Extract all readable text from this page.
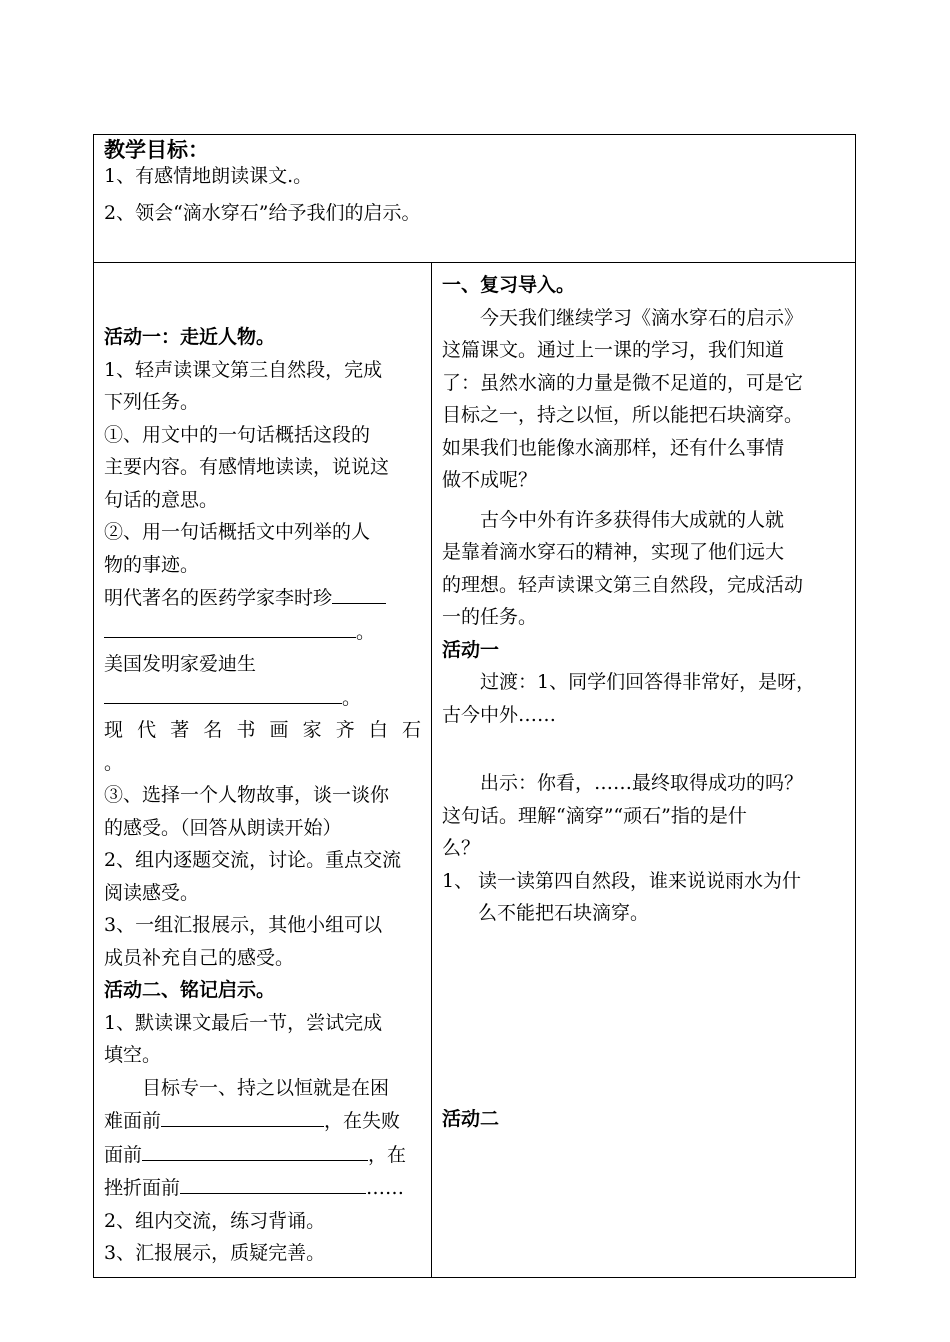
教学目标：
1、有感情地朗读课文.。
2、领会“滴水穿石”给予我们的启示。
活动一：走近人物。
1、轻声读课文第三自然段，完成
下列任务。
①、用文中的一句话概括这段的
主要内容。有感情地读读，说说这
句话的意思。
②、用一句话概括文中列举的人
物的事迹。
明代著名的医药学家李时珍
。
美国发明家爱迪生
。
现 代 著 名 书 画 家 齐 白 石
。
③、选择一个人物故事，谈一谈你
的感受。（回答从朗读开始）
2、组内逐题交流，讨论。重点交流
阅读感受。
3、一组汇报展示，其他小组可以
成员补充自己的感受。
活动二、铭记启示。
1、默读课文最后一节，尝试完成
填空。
目标专一、持之以恒就是在困
难面前	，在失败
面前	，在
挫折面前	……
2、组内交流，练习背诵。
3、汇报展示，质疑完善。
一、复习导入。
今天我们继续学习《滴水穿石的启示》
这篇课文。通过上一课的学习，我们知道
了：虽然水滴的力量是微不足道的，可是它
目标之一，持之以恒，所以能把石块滴穿。
如果我们也能像水滴那样，还有什么事情
做不成呢？
古今中外有许多获得伟大成就的人就
是靠着滴水穿石的精神，实现了他们远大
的理想。轻声读课文第三自然段，完成活动
一的任务。
活动一
过渡：1、同学们回答得非常好，是呀，
古今中外……
出示：你看，……最终取得成功的吗？
这句话。理解“滴穿”“顽石”指的是什
么？
1、 读一读第四自然段，谁来说说雨水为什
么不能把石块滴穿。
活动二
